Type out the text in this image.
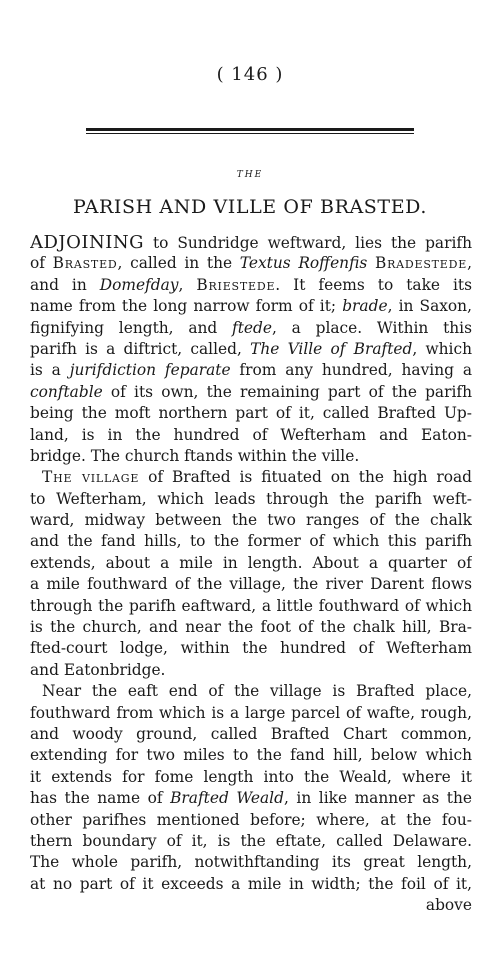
( 146 )
THE
PARISH AND VILLE OF BRASTED.
ADJOINING to Sundridge weftward, lies the parifh
of Brasted, called in the Textus Roffenfis Bradestede,
and in Domefday, Briestede. It feems to take its
name from the long narrow form of it; brade, in Saxon,
fignifying length, and ftede, a place. Within this
parifh is a diftrict, called, The Ville of Brafted, which
is a jurifdiction feparate from any hundred, having a
conftable of its own, the remaining part of the parifh
being the moft northern part of it, called Brafted Up-
land, is in the hundred of Wefterham and Eaton-
bridge. The church ftands within the ville.
The village of Brafted is fituated on the high road
to Wefterham, which leads through the parifh weft-
ward, midway between the two ranges of the chalk
and the fand hills, to the former of which this parifh
extends, about a mile in length. About a quarter of
a mile fouthward of the village, the river Darent flows
through the parifh eaftward, a little fouthward of which
is the church, and near the foot of the chalk hill, Bra-
fted-court lodge, within the hundred of Wefterham
and Eatonbridge.
Near the eaft end of the village is Brafted place,
fouthward from which is a large parcel of wafte, rough,
and woody ground, called Brafted Chart common,
extending for two miles to the fand hill, below which
it extends for fome length into the Weald, where it
has the name of Brafted Weald, in like manner as the
other parifhes mentioned before; where, at the fou-
thern boundary of it, is the eftate, called Delaware.
The whole parifh, notwithftanding its great length,
at no part of it exceeds a mile in width; the foil of it,
above
